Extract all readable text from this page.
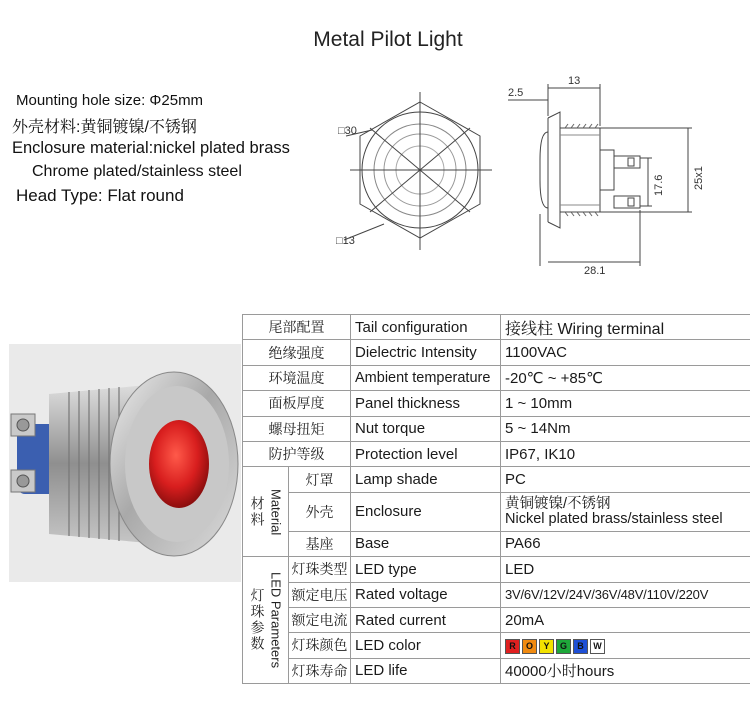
Metal Pilot Light
Mounting hole size: Φ25mm
外壳材料:黄铜镀镍/不锈钢
Enclosure material:nickel plated brass
Chrome plated/stainless steel
Head Type: Flat round
□30
□13
2.5
13
28.1
17.6	25x1
尾部配置		Tail configuration	接线柱 Wiring terminal
绝缘强度		Dielectric Intensity	1100VAC
环境温度		Ambient temperature	-20℃ ~ +85℃
面板厚度		Panel thickness	1 ~ 10mm
螺母扭矩		Nut torque	5 ~ 14Nm
防护等级		Protection level	IP67, IK10

材料 Material	灯罩	Lamp shade	PC
	外壳	Enclosure	黄铜镀镍/不锈钢
Nickel plated brass/stainless steel

	基座	Base	PA66

灯珠参数 LED Parameters	灯珠类型	LED type	LED
	额定电压	Rated voltage	3V/6V/12V/24V/36V/48V/110V/220V
	额定电流	Rated current	20mA
	灯珠颜色	LED color	R O Y G B W
	灯珠寿命	LED life	40000小时hours
